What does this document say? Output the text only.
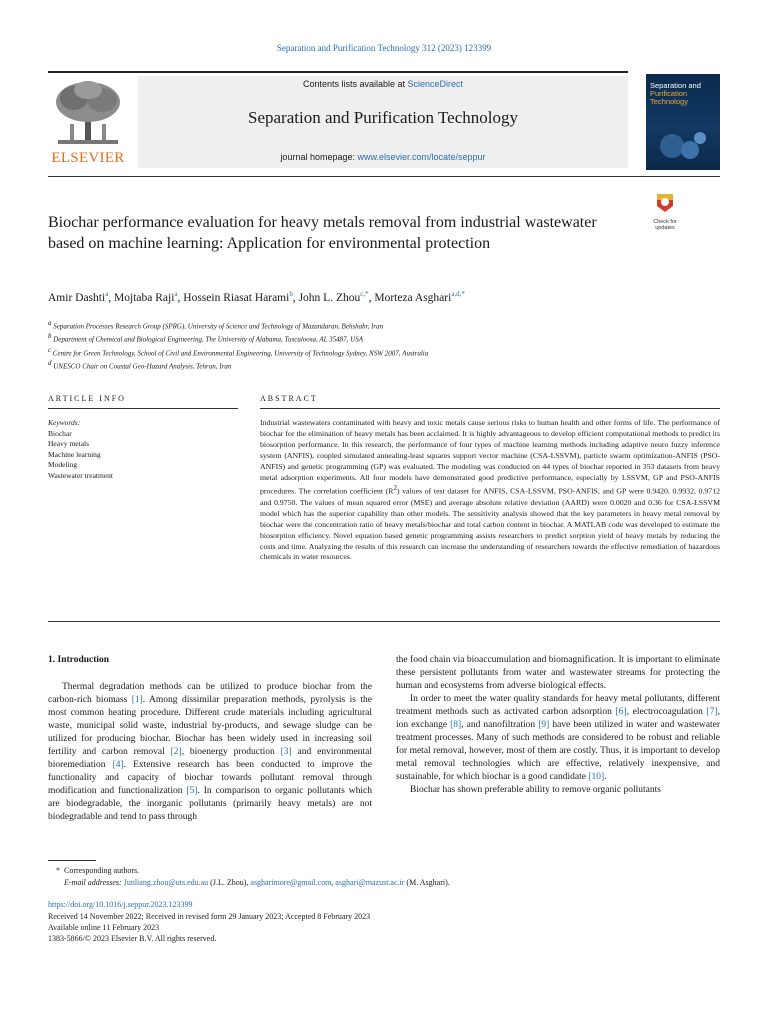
Separation and Purification Technology 312 (2023) 123399
ELSEVIER
Contents lists available at ScienceDirect
Separation and Purification Technology
journal homepage: www.elsevier.com/locate/seppur
Separation and
Purification
Technology
Biochar performance evaluation for heavy metals removal from industrial wastewater based on machine learning: Application for environmental protection
Check for
updates
Amir Dashti$^a$, Mojtaba Raji$^a$, Hossein Riasat Harami$^b$, John L. Zhou$^{c,*}$, Morteza Asghari$^{a,d,*}$
$^a$ Separation Processes Research Group (SPRG), University of Science and Technology of Mazandaran, Behshahr, Iran
$^b$ Department of Chemical and Biological Engineering, The University of Alabama, Tuscaloosa, AL 35487, USA
$^c$ Centre for Green Technology, School of Civil and Environmental Engineering, University of Technology Sydney, NSW 2007, Australia
$^d$ UNESCO Chair on Coastal Geo-Hazard Analysis, Tehran, Iran
ARTICLE INFO	ABSTRACT
Keywords:
Biochar
Heavy metals
Machine learning
Modeling
Wastewater treatment
Industrial wastewaters contaminated with heavy and toxic metals cause serious risks to human health and other forms of life. The performance of biochar for the elimination of heavy metals has been acclaimed. It is highly advantageous to develop efficient computational methods to predict its biosorption performance. In this research, the performance of four types of machine learning methods including adaptive neuro fuzzy inference system (ANFIS), coupled simulated annealing-least squares support vector machine (CSA-LSSVM), particle swarm optimization-ANFIS (PSO-ANFIS) and genetic programming (GP) was evaluated. The modeling was conducted on 44 types of biochar reported in 353 datasets from heavy metal adsorption experiments. All four models have demonstrated good predictive performance, especially by LSSVM, GP and PSO-ANFIS procedures. The correlation coefficient $(R^2)$ values of test dataset for ANFIS, CSA-LSSVM, PSO-ANFIS, and GP were 0.9420, 0.9932, 0.9712 and 0.9750. The values of mean squared error (MSE) and average absolute relative deviation (AARD) were 0.0020 and 0.36 for CSA-LSSVM model which has the superior capability than other models. The sensitivity analysis showed that the key parameters in heavy metal removal by biochar were the concentration ratio of heavy metals/biochar and total carbon content in biochar. A MATLAB code was developed to estimate the biosorption efficiency. Novel equation based genetic programming assists researchers to predict sorption yield of heavy metals by reducing the costs and time. Analyzing the results of this research can increase the understanding of researchers towards the effective remediation of hazardous chemicals in water resources.
1. Introduction

Thermal degradation methods can be utilized to produce biochar from the carbon-rich biomass [1]. Among dissimilar preparation methods, pyrolysis is the most common heating procedure. Different crude materials including agricultural waste, municipal solid waste, industrial by-products, and sewage sludge can be utilized for producing biochar. Biochar has been widely used in increasing soil fertility and carbon removal [2], bioenergy production [3] and environmental bioremediation [4]. Extensive research has been conducted to improve the functionality and capacity of biochar towards pollutant removal through modification and functionalization [5]. In comparison to organic pollutants which are biodegradable, the inorganic pollutants (primarily heavy metals) are not biodegradable and tend to pass through

the food chain via bioaccumulation and biomagnification. It is important to eliminate these persistent pollutants from water and wastewater streams for protecting the human and ecosystems from adverse biological effects.

In order to meet the water quality standards for heavy metal pollutants, different treatment methods such as activated carbon adsorption [6], electrocoagulation [7], ion exchange [8], and nanofiltration [9] have been utilized in water and wastewater treatment processes. Many of such methods are considered to be robust and reliable for metal removal, however, most of them are costly. Thus, it is important to develop metal removal technologies which are effective, relatively inexpensive, and sustainable, for which biochar is a good candidate [10].

Biochar has shown preferable ability to remove organic pollutants

* Corresponding authors.
E-mail addresses: Junliang.zhou@uts.edu.au (J.L. Zhou), asgharimore@gmail.com, asghari@mazust.ac.ir (M. Asghari).
https://doi.org/10.1016/j.seppur.2023.123399
Received 14 November 2022; Received in revised form 29 January 2023; Accepted 8 February 2023
Available online 11 February 2023
1383-5866/© 2023 Elsevier B.V. All rights reserved.
